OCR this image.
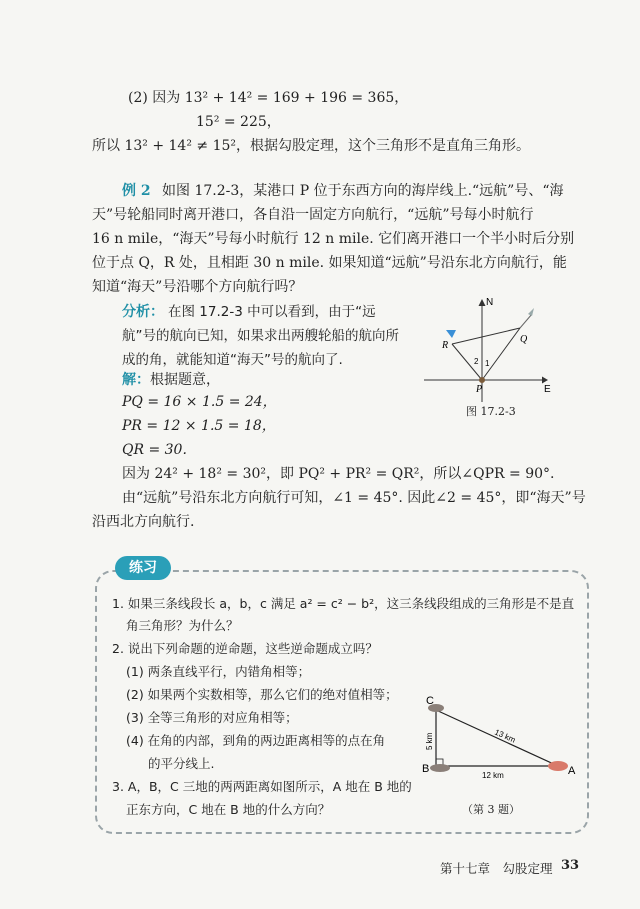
(2) 因为 13² + 14² = 169 + 196 = 365，
15² = 225，
所以 13² + 14² ≠ 15²，根据勾股定理，这个三角形不是直角三角形。
例 2 如图 17.2-3，某港口 P 位于东西方向的海岸线上.“远航”号、“海
天”号轮船同时离开港口，各自沿一固定方向航行，“远航”号每小时航行
16 n mile，“海天”号每小时航行 12 n mile. 它们离开港口一个半小时后分别
位于点 Q，R 处，且相距 30 n mile. 如果知道“远航”号沿东北方向航行，能
知道“海天”号沿哪个方向航行吗？
分析： 在图 17.2-3 中可以看到，由于“远
航”号的航向已知，如果求出两艘轮船的航向所
成的角，就能知道“海天”号的航向了.
解： 根据题意，
PQ = 16 × 1.5 = 24，
PR = 12 × 1.5 = 18，
QR = 30.
因为 24² + 18² = 30²，即 PQ² + PR² = QR²，所以∠QPR = 90°.
由“远航”号沿东北方向航行可知，∠1 = 45°. 因此∠2 = 45°，即“海天”号
沿西北方向航行.
N
E
P
Q
R
1
2
图 17.2-3
练习
1. 如果三条线段长 a，b，c 满足 a² = c² − b²，这三条线段组成的三角形是不是直
角三角形？为什么？
2. 说出下列命题的逆命题，这些逆命题成立吗？
(1) 两条直线平行，内错角相等；
(2) 如果两个实数相等，那么它们的绝对值相等；
(3) 全等三角形的对应角相等；
(4) 在角的内部，到角的两边距离相等的点在角
的平分线上.
3. A，B，C 三地的两两距离如图所示，A 地在 B 地的
正东方向，C 地在 B 地的什么方向？
C
B	A
5 km	13 km
12 km
（第 3 题）
第十七章　勾股定理 33
